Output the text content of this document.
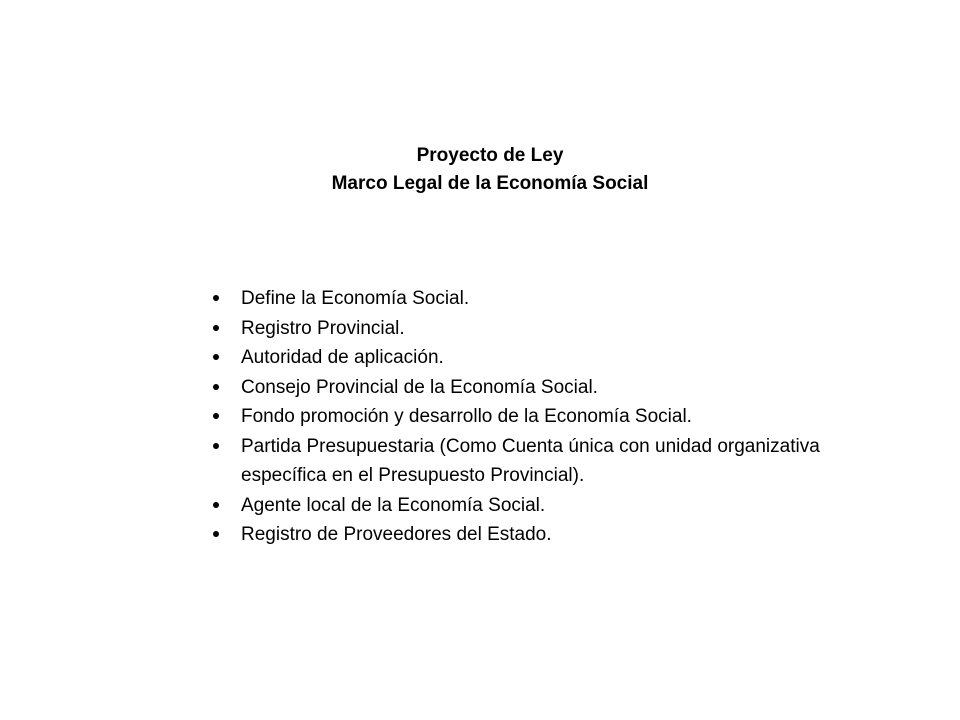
Proyecto de Ley
Marco Legal de la Economía Social
Define la Economía Social.
Registro Provincial.
Autoridad de aplicación.
Consejo Provincial de la Economía Social.
Fondo promoción y desarrollo de la Economía Social.
Partida Presupuestaria (Como Cuenta única con unidad organizativa específica en el Presupuesto Provincial).
Agente local de la Economía Social.
Registro de Proveedores del Estado.
